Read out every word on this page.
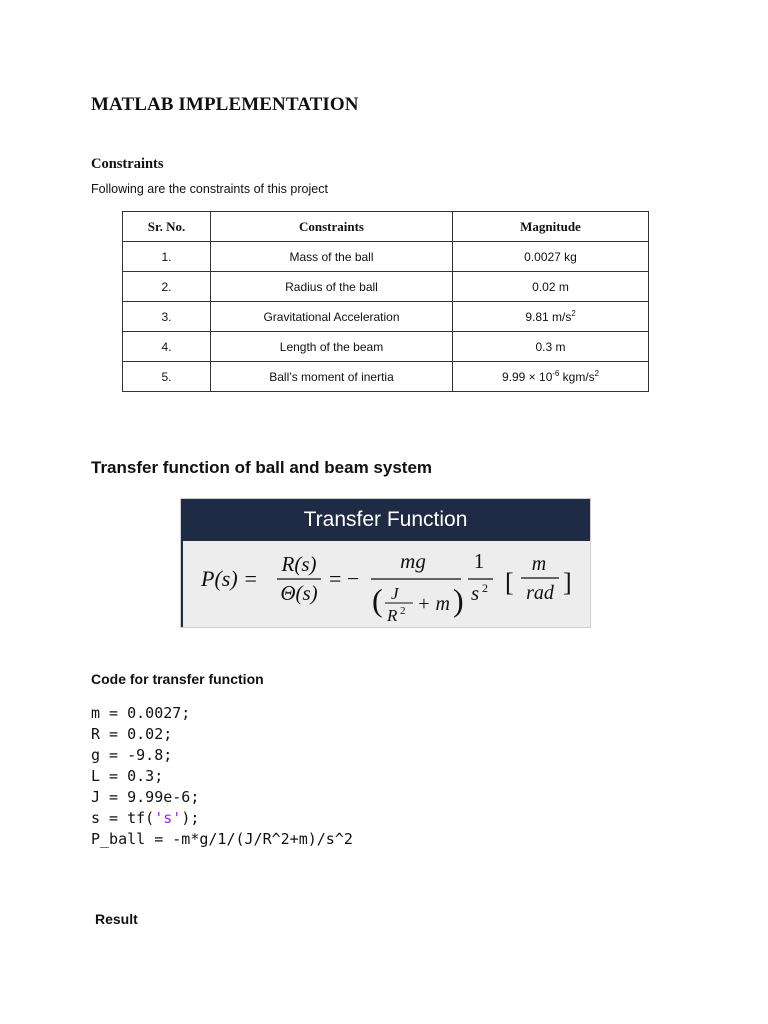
MATLAB IMPLEMENTATION
Constraints
Following are the constraints of this project
Sr. No.	Constraints	Magnitude
1.	Mass of the ball	0.0027 kg
2.	Radius of the ball	0.02 m
3.	Gravitational Acceleration	9.81 $m/s^2$
4.	Length of the beam	0.3 m
5.	Ball’s moment of inertia	$9.99 \times 10^{-6}$ kgm/$s^2$
Transfer function of ball and beam system
Transfer Function
P(s) =
R(s)
Θ(s)
= −
mg
( J
R 2 + m )
1
s 2 [
m
rad ]
Code for transfer function
m = 0.0027;
R = 0.02;
g = -9.8;
L = 0.3;
J = 9.99e-6;
s = tf('s');
P_ball = -m*g/1/(J/R^2+m)/s^2
Result
